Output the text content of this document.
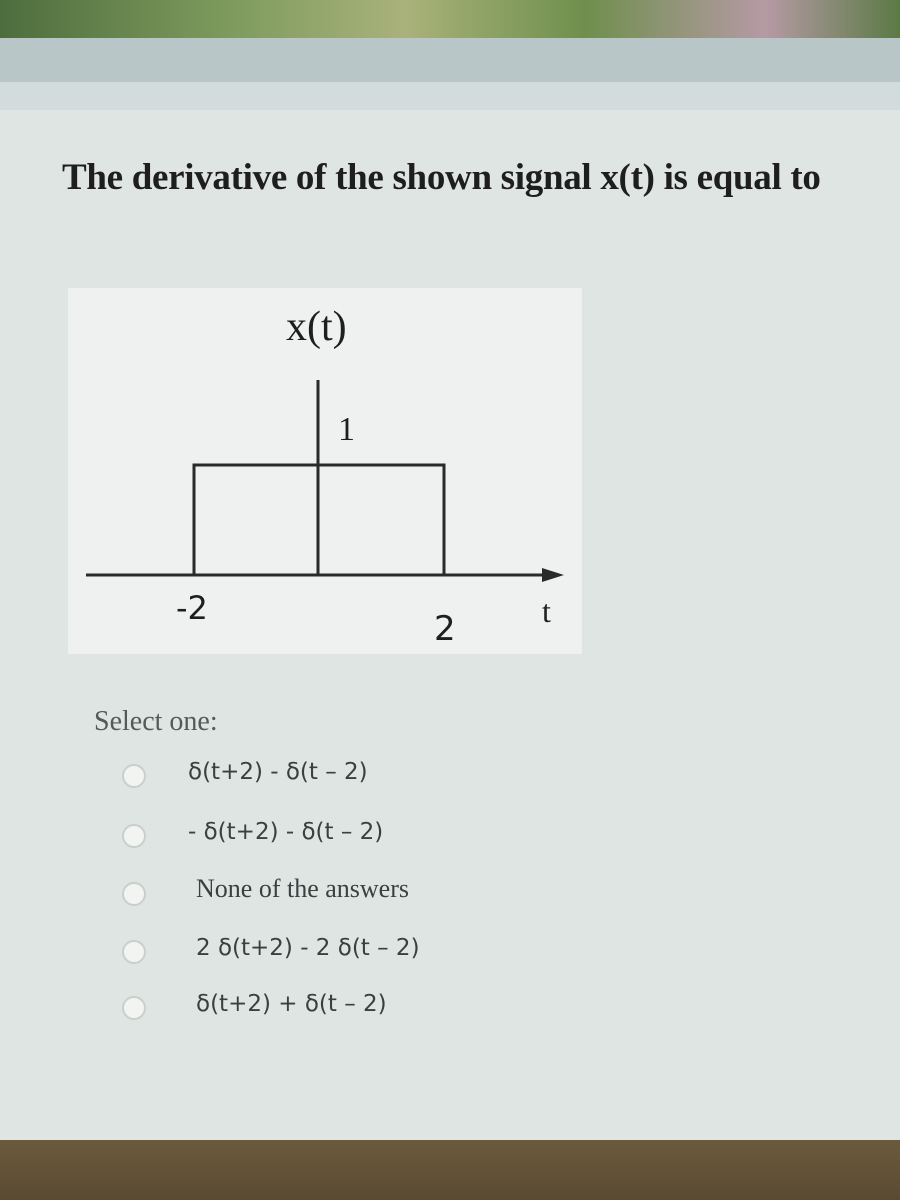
The derivative of the shown signal x(t) is equal to
x(t)
1
-2
2	t
Select one:
δ(t+2) - δ(t – 2)
- δ(t+2) - δ(t – 2)
None of the answers
2 δ(t+2) - 2 δ(t – 2)
δ(t+2) + δ(t – 2)
